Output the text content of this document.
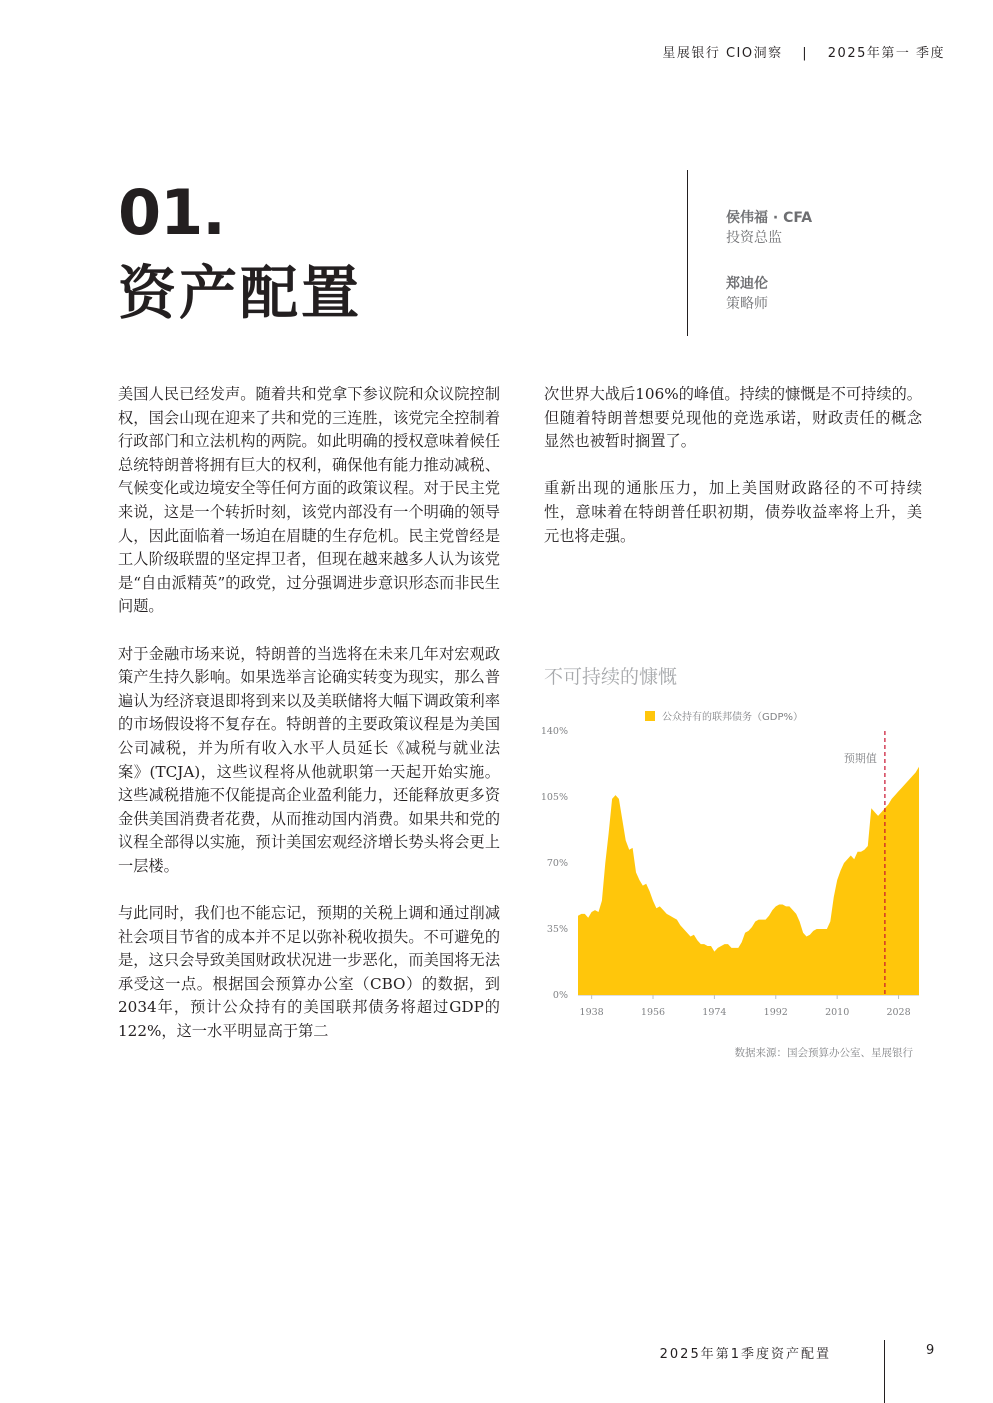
星展银行 CIO洞察 | 2025年第一 季度
01.
资产配置
侯伟福 · CFA
投资总监
郑迪伦
策略师

美国人民已经发声。随着共和党拿下参议院和众议院控制权，国会山现在迎来了共和党的三连胜，该党完全控制着行政部门和立法机构的两院。如此明确的授权意味着候任总统特朗普将拥有巨大的权利，确保他有能力推动减税、气候变化或边境安全等任何方面的政策议程。对于民主党来说，这是一个转折时刻，该党内部没有一个明确的领导人，因此面临着一场迫在眉睫的生存危机。民主党曾经是工人阶级联盟的坚定捍卫者，但现在越来越多人认为该党是“自由派精英”的政党，过分强调进步意识形态而非民生问题。

对于金融市场来说，特朗普的当选将在未来几年对宏观政策产生持久影响。如果选举言论确实转变为现实，那么普遍认为经济衰退即将到来以及美联储将大幅下调政策利率的市场假设将不复存在。特朗普的主要政策议程是为美国公司减税，并为所有收入水平人员延长《减税与就业法案》(TCJA)，这些议程将从他就职第一天起开始实施。这些减税措施不仅能提高企业盈利能力，还能释放更多资金供美国消费者花费，从而推动国内消费。如果共和党的议程全部得以实施，预计美国宏观经济增长势头将会更上一层楼。

与此同时，我们也不能忘记，预期的关税上调和通过削减社会项目节省的成本并不足以弥补税收损失。不可避免的是，这只会导致美国财政状况进一步恶化，而美国将无法承受这一点。根据国会预算办公室（CBO）的数据，到2034年，预计公众持有的美国联邦债务将超过GDP的122%，这一水平明显高于第二

次世界大战后106%的峰值。持续的慷慨是不可持续的。但随着特朗普想要兑现他的竞选承诺，财政责任的概念显然也被暂时搁置了。

重新出现的通胀压力，加上美国财政路径的不可持续性，意味着在特朗普任职初期，债券收益率将上升，美元也将走强。

不可持续的慷慨
公众持有的联邦债务（GDP%）
0%
35%
70%
105%
140%
1938	1956	1974	1992	2010	2028
预期值
数据来源：国会预算办公室、星展银行
2025年第1季度资产配置	9
